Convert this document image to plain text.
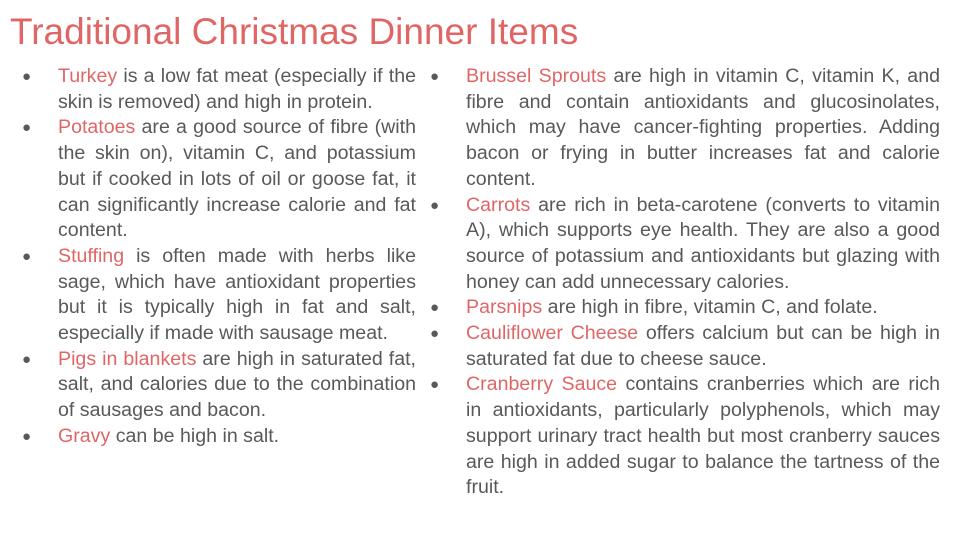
Traditional Christmas Dinner Items
● Turkey is a low fat meat (especially if the skin is removed) and high in protein.
● Potatoes are a good source of fibre (with the skin on), vitamin C, and potassium but if cooked in lots of oil or goose fat, it can significantly increase calorie and fat content.
● Stuffing is often made with herbs like sage, which have antioxidant properties but it is typically high in fat and salt, especially if made with sausage meat.
● Pigs in blankets are high in saturated fat, salt, and calories due to the combination of sausages and bacon.
● Gravy can be high in salt.
● Brussel Sprouts are high in vitamin C, vitamin K, and fibre and contain antioxidants and glucosinolates, which may have cancer-fighting properties. Adding bacon or frying in butter increases fat and calorie content.
● Carrots are rich in beta-carotene (converts to vitamin A), which supports eye health. They are also a good source of potassium and antioxidants but glazing with honey can add unnecessary calories.
● Parsnips are high in fibre, vitamin C, and folate.
● Cauliflower Cheese offers calcium but can be high in saturated fat due to cheese sauce.
● Cranberry Sauce contains cranberries which are rich in antioxidants, particularly polyphenols, which may support urinary tract health but most cranberry sauces are high in added sugar to balance the tartness of the fruit.
